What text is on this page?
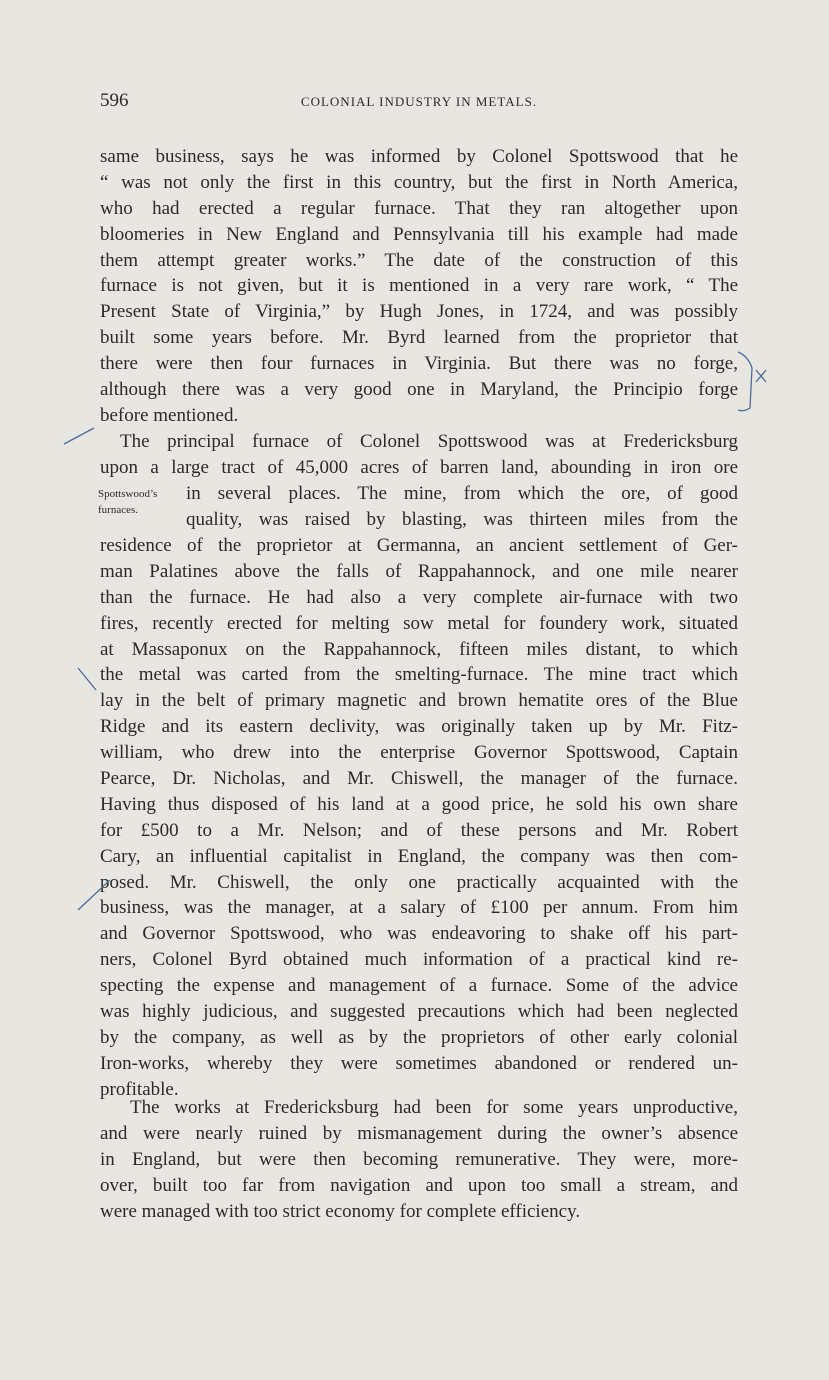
596	COLONIAL INDUSTRY IN METALS.
same business, says he was informed by Colonel Spottswood that he
“ was not only the first in this country, but the first in North America,
who had erected a regular furnace. That they ran altogether upon
bloomeries in New England and Pennsylvania till his example had made
them attempt greater works.” The date of the construction of this
furnace is not given, but it is mentioned in a very rare work, “ The
Present State of Virginia,” by Hugh Jones, in 1724, and was possibly
built some years before. Mr. Byrd learned from the proprietor that
there were then four furnaces in Virginia. But there was no forge,
although there was a very good one in Maryland, the Principio forge
before mentioned.
The principal furnace of Colonel Spottswood was at Fredericksburg
upon a large tract of 45,000 acres of barren land, abounding in iron ore
Spottswood’s
furnaces.
in several places. The mine, from which the ore, of good
quality, was raised by blasting, was thirteen miles from the
residence of the proprietor at Germanna, an ancient settlement of Ger-
man Palatines above the falls of Rappahannock, and one mile nearer
than the furnace. He had also a very complete air-furnace with two
fires, recently erected for melting sow metal for foundery work, situated
at Massaponux on the Rappahannock, fifteen miles distant, to which
the metal was carted from the smelting-furnace. The mine tract which
lay in the belt of primary magnetic and brown hematite ores of the Blue
Ridge and its eastern declivity, was originally taken up by Mr. Fitz-
william, who drew into the enterprise Governor Spottswood, Captain
Pearce, Dr. Nicholas, and Mr. Chiswell, the manager of the furnace.
Having thus disposed of his land at a good price, he sold his own share
for £500 to a Mr. Nelson; and of these persons and Mr. Robert
Cary, an influential capitalist in England, the company was then com-
posed. Mr. Chiswell, the only one practically acquainted with the
business, was the manager, at a salary of £100 per annum. From him
and Governor Spottswood, who was endeavoring to shake off his part-
ners, Colonel Byrd obtained much information of a practical kind re-
specting the expense and management of a furnace. Some of the advice
was highly judicious, and suggested precautions which had been neglected
by the company, as well as by the proprietors of other early colonial
Iron-works, whereby they were sometimes abandoned or rendered un-
profitable.
The works at Fredericksburg had been for some years unproductive,
and were nearly ruined by mismanagement during the owner’s absence
in England, but were then becoming remunerative. They were, more-
over, built too far from navigation and upon too small a stream, and
were managed with too strict economy for complete efficiency.
